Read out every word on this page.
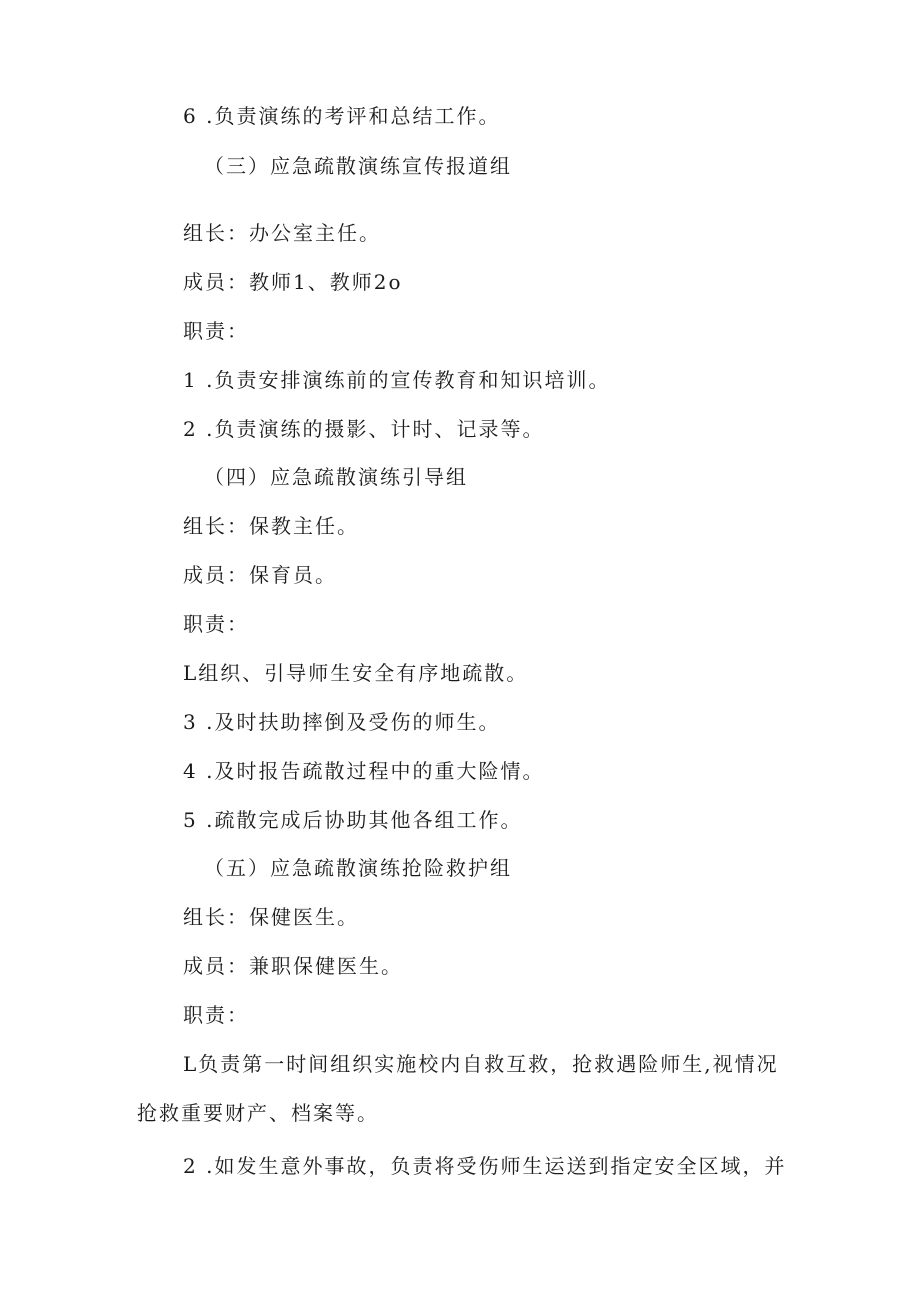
6 .负责演练的考评和总结工作。
（三）应急疏散演练宣传报道组
组长：办公室主任。
成员：教师1、教师2o
职责：
1 .负责安排演练前的宣传教育和知识培训。
2 .负责演练的摄影、计时、记录等。
（四）应急疏散演练引导组
组长：保教主任。
成员：保育员。
职责：
L组织、引导师生安全有序地疏散。
3 .及时扶助摔倒及受伤的师生。
4 .及时报告疏散过程中的重大险情。
5 .疏散完成后协助其他各组工作。
（五）应急疏散演练抢险救护组
组长：保健医生。
成员：兼职保健医生。
职责：
L负责第一时间组织实施校内自救互救，抢救遇险师生,视情况
抢救重要财产、档案等。
2 .如发生意外事故，负责将受伤师生运送到指定安全区域，并
